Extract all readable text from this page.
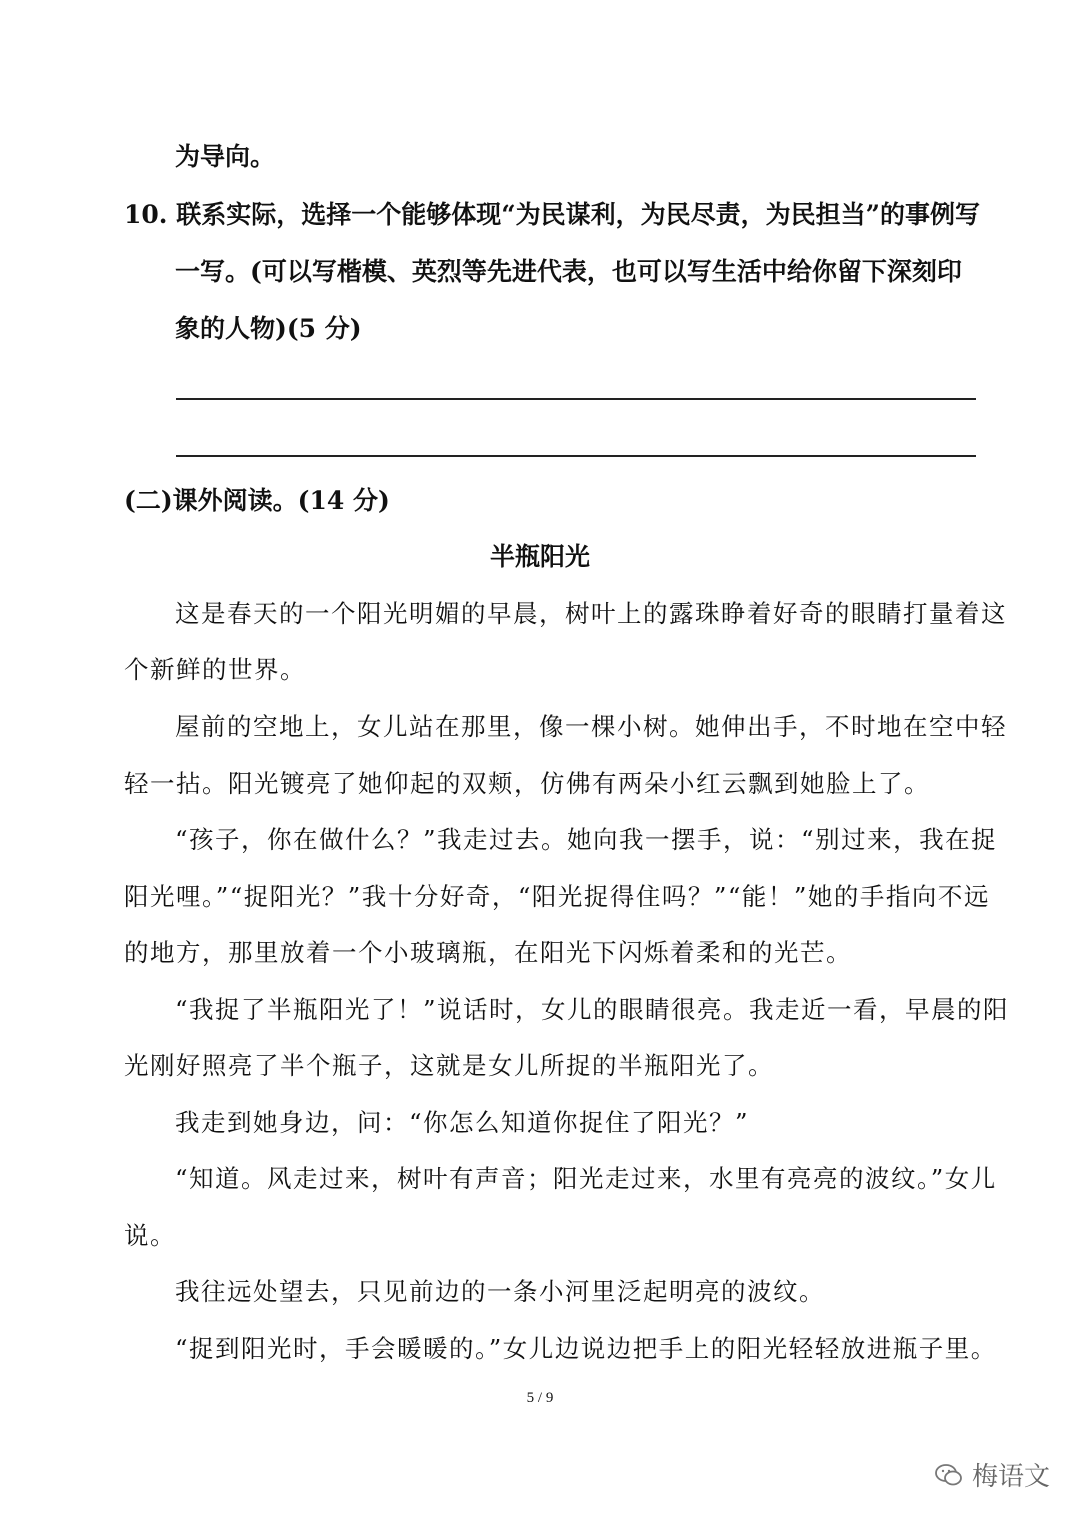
为导向。
10. 联系实际，选择一个能够体现“为民谋利，为民尽责，为民担当”的事例写
一写。(可以写楷模、英烈等先进代表，也可以写生活中给你留下深刻印
象的人物)(5 分)
(二)课外阅读。(14 分)
半瓶阳光
这是春天的一个阳光明媚的早晨，树叶上的露珠睁着好奇的眼睛打量着这
个新鲜的世界。
屋前的空地上，女儿站在那里，像一棵小树。她伸出手，不时地在空中轻
轻一拈。阳光镀亮了她仰起的双颊，仿佛有两朵小红云飘到她脸上了。
“孩子，你在做什么？”我走过去。她向我一摆手，说：“别过来，我在捉
阳光哩。”“捉阳光？”我十分好奇，“阳光捉得住吗？”“能！”她的手指向不远
的地方，那里放着一个小玻璃瓶，在阳光下闪烁着柔和的光芒。
“我捉了半瓶阳光了！”说话时，女儿的眼睛很亮。我走近一看，早晨的阳
光刚好照亮了半个瓶子，这就是女儿所捉的半瓶阳光了。
我走到她身边，问：“你怎么知道你捉住了阳光？”
“知道。风走过来，树叶有声音；阳光走过来，水里有亮亮的波纹。”女儿
说。
我往远处望去，只见前边的一条小河里泛起明亮的波纹。
“捉到阳光时，手会暖暖的。”女儿边说边把手上的阳光轻轻放进瓶子里。
5 / 9
梅语文
